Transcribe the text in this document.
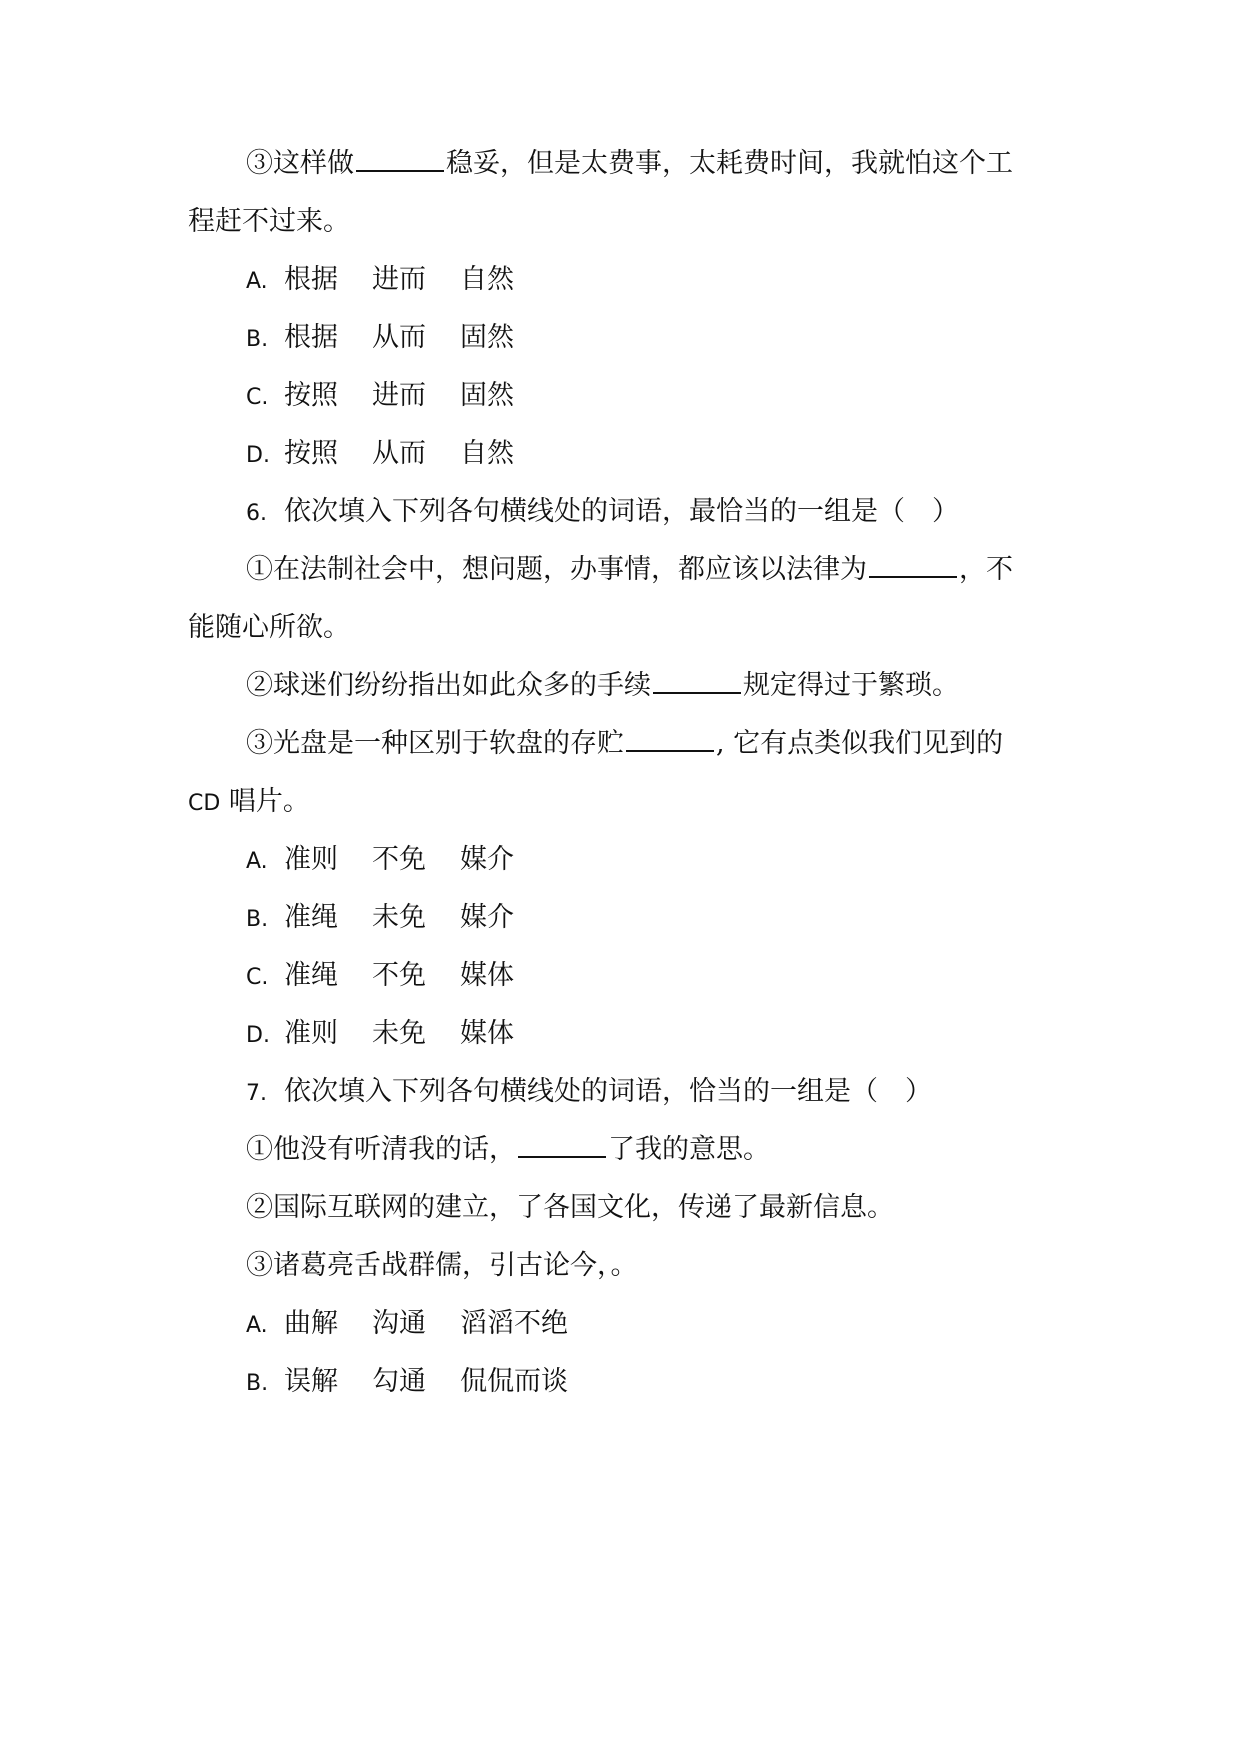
③这样做	稳妥，但是太费事，太耗费时间，我就怕这个工
程赶不过来。
A. 根据 进而 自然
B. 根据 从而 固然
C. 按照 进而 固然
D. 按照 从而 自然
6. 依次填入下列各句横线处的词语，最恰当的一组是（　）
①在法制社会中，想问题，办事情，都应该以法律为	，不
能随心所欲。
②球迷们纷纷指出如此众多的手续	规定得过于繁琐。
③光盘是一种区别于软盘的存贮	, 它有点类似我们见到的
CD 唱片。
A. 准则 不免 媒介
B. 准绳 未免 媒介
C. 准绳 不免 媒体
D. 准则 未免 媒体
7. 依次填入下列各句横线处的词语，恰当的一组是（　）
①他没有听清我的话，	了我的意思。
②国际互联网的建立，了各国文化，传递了最新信息。
③诸葛亮舌战群儒，引古论今，。
A. 曲解 沟通 滔滔不绝
B. 误解 勾通 侃侃而谈
